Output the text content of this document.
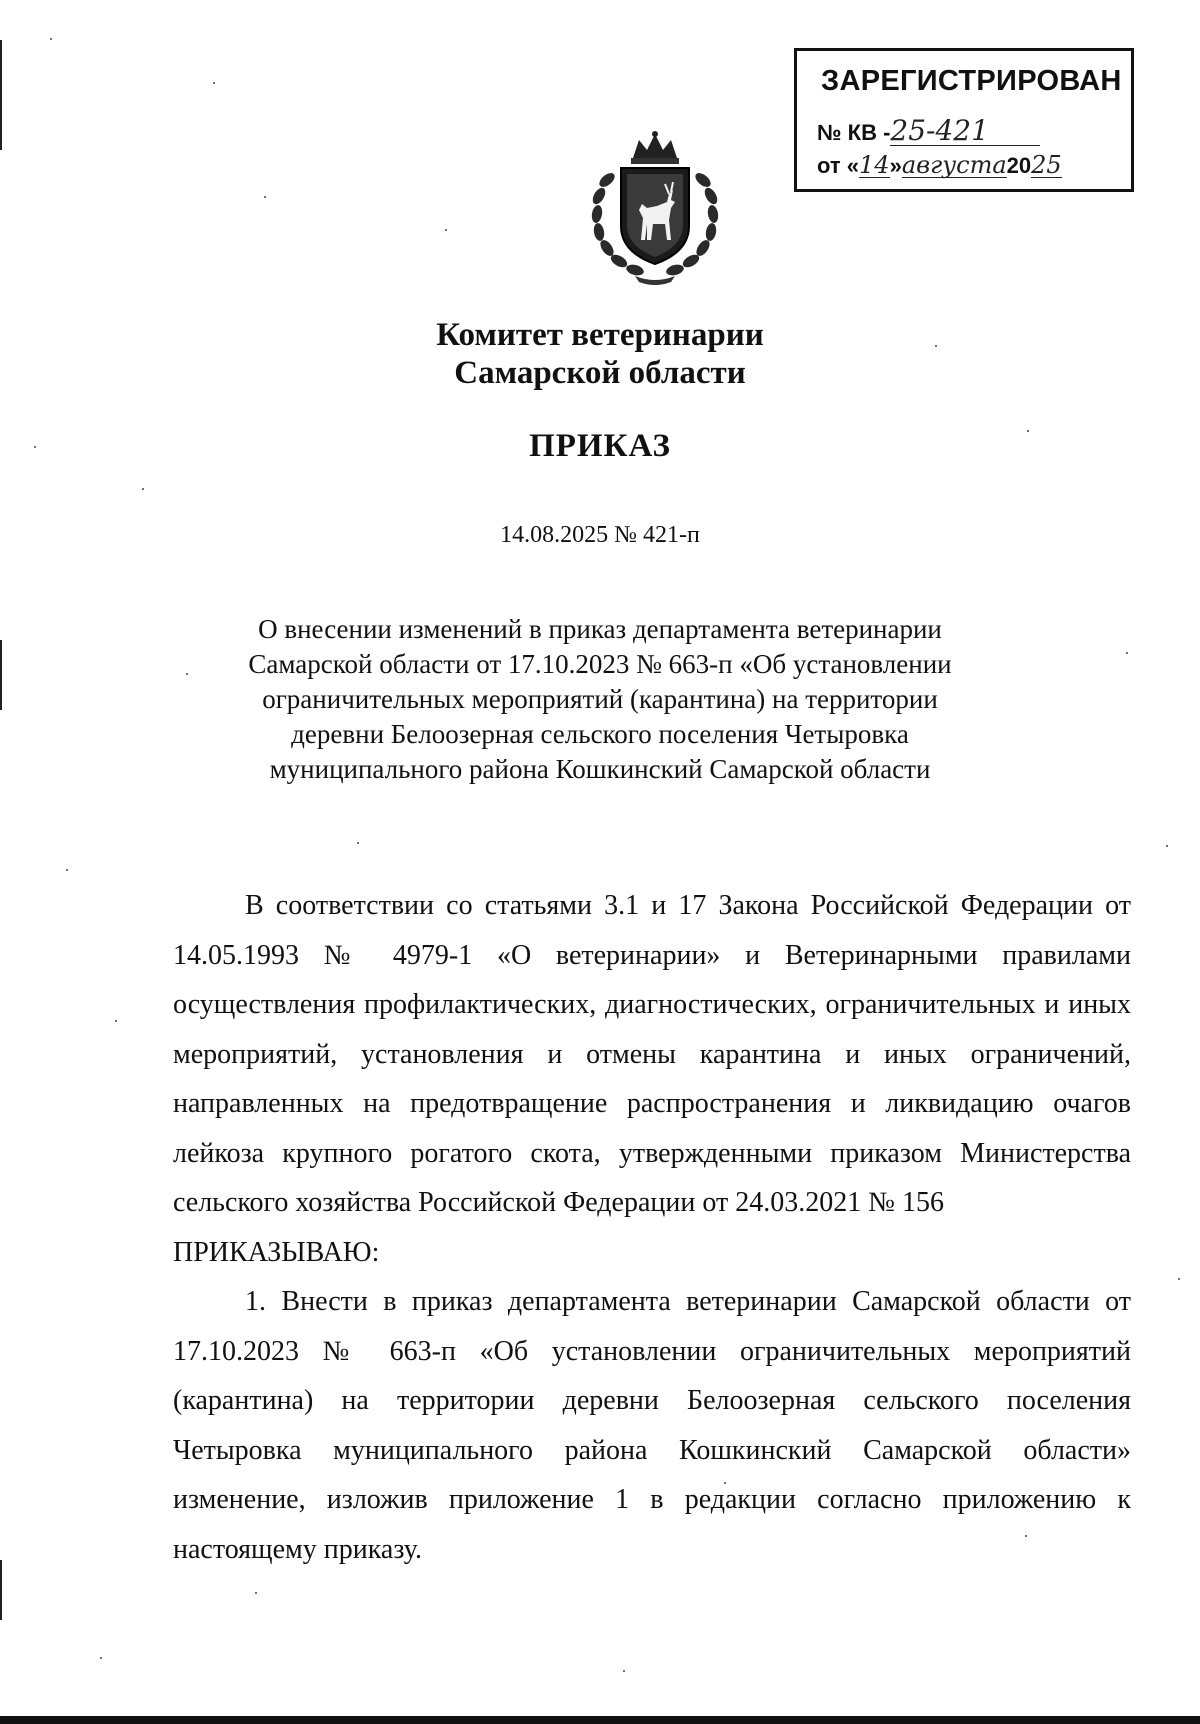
ЗАРЕГИСТРИРОВАН
№ КВ -25-421
от «14»августа2025
Комитет ветеринарии
Самарской области
ПРИКАЗ
14.08.2025 № 421-п
О внесении изменений в приказ департамента ветеринарии
Самарской области от 17.10.2023 № 663-п «Об установлении
ограничительных мероприятий (карантина) на территории
деревни Белоозерная сельского поселения Четыровка
муниципального района Кошкинский Самарской области
В соответствии со статьями 3.1 и 17 Закона Российской Федерации от 14.05.1993 № 4979-1 «О ветеринарии» и Ветеринарными правилами осуществления профилактических, диагностических, ограничительных и иных мероприятий, установления и отмены карантина и иных ограничений, направленных на предотвращение распространения и ликвидацию очагов лейкоза крупного рогатого скота, утвержденными приказом Министерства сельского хозяйства Российской Федерации от 24.03.2021 № 156
ПРИКАЗЫВАЮ:
1. Внести в приказ департамента ветеринарии Самарской области от 17.10.2023 № 663-п «Об установлении ограничительных мероприятий (карантина) на территории деревни Белоозерная сельского поселения Четыровка муниципального района Кошкинский Самарской области» изменение, изложив приложение 1 в редакции согласно приложению к настоящему приказу.
